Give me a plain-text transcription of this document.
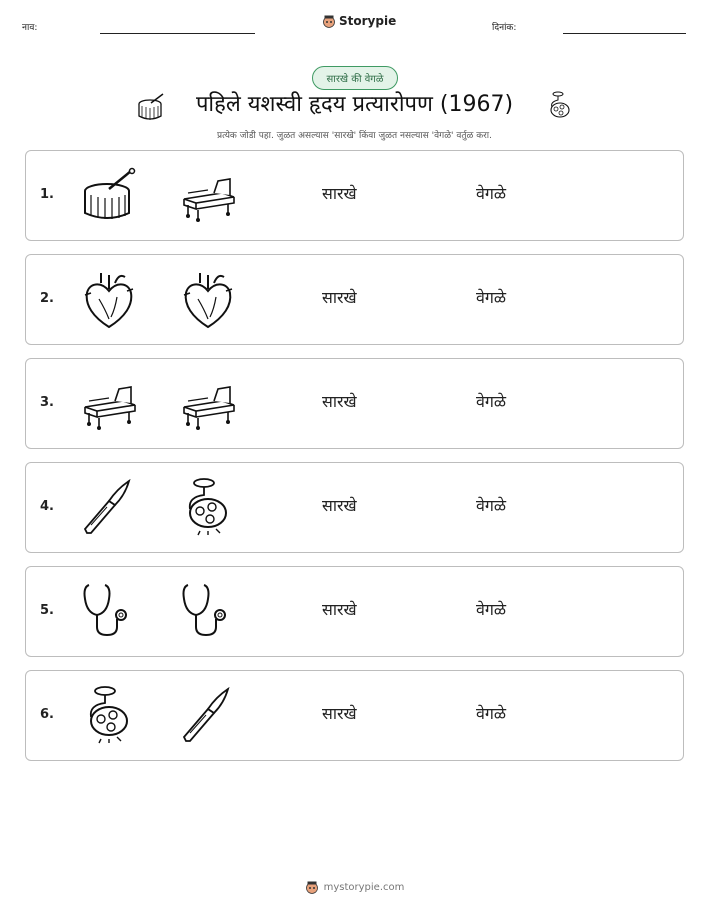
नाव:	Storypie	दिनांक:
सारखे की वेगळे
पहिले यशस्वी हृदय प्रत्यारोपण (1967)
प्रत्येक जोडी पहा. जुळत असल्यास 'सारखे' किंवा जुळत नसल्यास 'वेगळे' वर्तुळ करा.
1.	सारखे	वेगळे
2.	सारखे	वेगळे
3.	सारखे	वेगळे
4.	सारखे	वेगळे
5.	सारखे	वेगळे
6.	सारखे	वेगळे
mystorypie.com
